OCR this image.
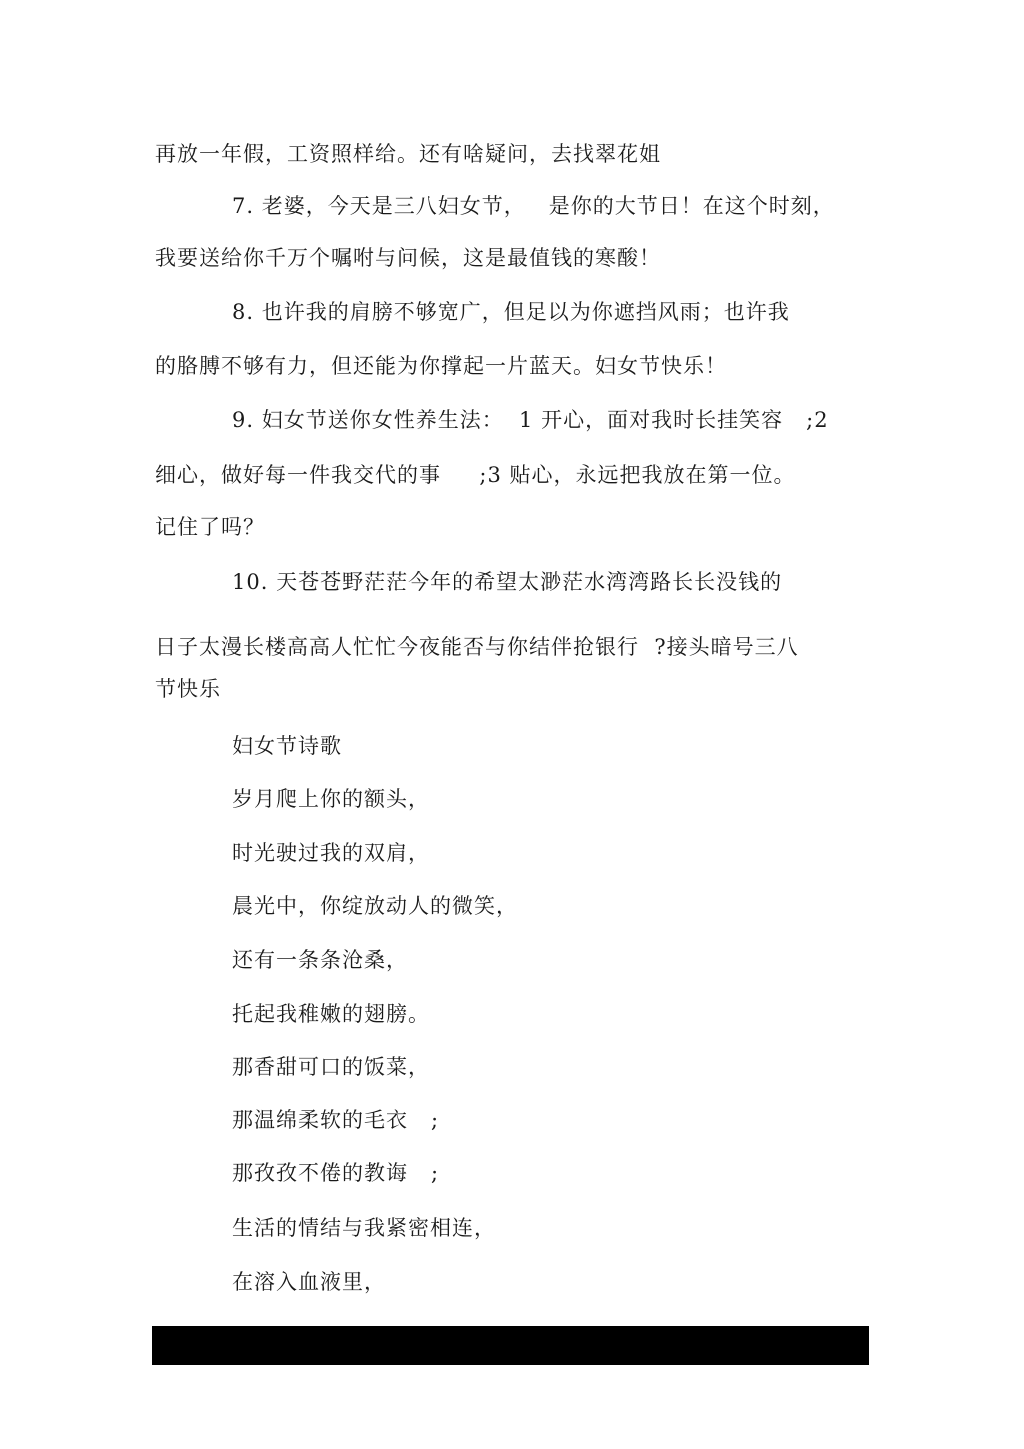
再放一年假，工资照样给。还有啥疑问，去找翠花姐
7. 老婆，今天是三八妇女节，   是你的大节日！在这个时刻，
我要送给你千万个嘱咐与问候，这是最值钱的寒酸！
8. 也许我的肩膀不够宽广，但足以为你遮挡风雨；也许我
的胳膊不够有力，但还能为你撑起一片蓝天。妇女节快乐！
9. 妇女节送你女性养生法：  1 开心，面对我时长挂笑容   ;2
细心，做好每一件我交代的事     ;3 贴心，永远把我放在第一位。
记住了吗？
10. 天苍苍野茫茫今年的希望太渺茫水湾湾路长长没钱的
日子太漫长楼高高人忙忙今夜能否与你结伴抢银行  ?接头暗号三八
节快乐
妇女节诗歌
岁月爬上你的额头，
时光驶过我的双肩，
晨光中，你绽放动人的微笑，
还有一条条沧桑，
托起我稚嫩的翅膀。
那香甜可口的饭菜，
那温绵柔软的毛衣   ;
那孜孜不倦的教诲   ;
生活的情结与我紧密相连，
在溶入血液里，
